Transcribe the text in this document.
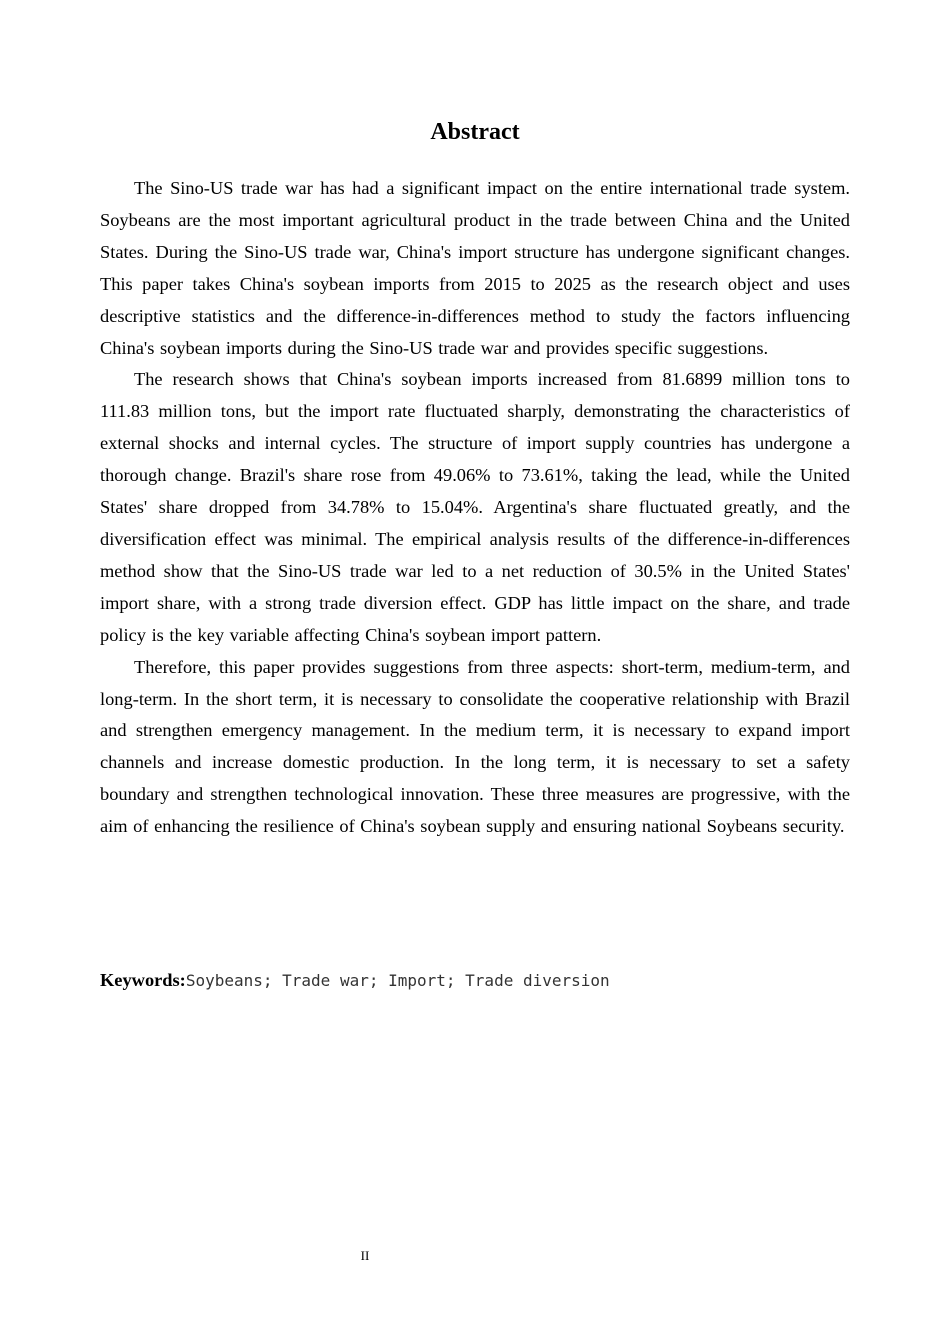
Abstract

The Sino-US trade war has had a significant impact on the entire international trade system. Soybeans are the most important agricultural product in the trade between China and the United States. During the Sino-US trade war, China's import structure has undergone significant changes. This paper takes China's soybean imports from 2015 to 2025 as the research object and uses descriptive statistics and the difference-in-differences method to study the factors influencing China's soybean imports during the Sino-US trade war and provides specific suggestions.

The research shows that China's soybean imports increased from 81.6899 million tons to 111.83 million tons, but the import rate fluctuated sharply, demonstrating the characteristics of external shocks and internal cycles. The structure of import supply countries has undergone a thorough change. Brazil's share rose from 49.06% to 73.61%, taking the lead, while the United States' share dropped from 34.78% to 15.04%. Argentina's share fluctuated greatly, and the diversification effect was minimal. The empirical analysis results of the difference-in-differences method show that the Sino-US trade war led to a net reduction of 30.5% in the United States' import share, with a strong trade diversion effect. GDP has little impact on the share, and trade policy is the key variable affecting China's soybean import pattern.

Therefore, this paper provides suggestions from three aspects: short-term, medium-term, and long-term. In the short term, it is necessary to consolidate the cooperative relationship with Brazil and strengthen emergency management. In the medium term, it is necessary to expand import channels and increase domestic production. In the long term, it is necessary to set a safety boundary and strengthen technological innovation. These three measures are progressive, with the aim of enhancing the resilience of China's soybean supply and ensuring national Soybeans security.

Keywords:Soybeans; Trade war; Import; Trade diversion

II
